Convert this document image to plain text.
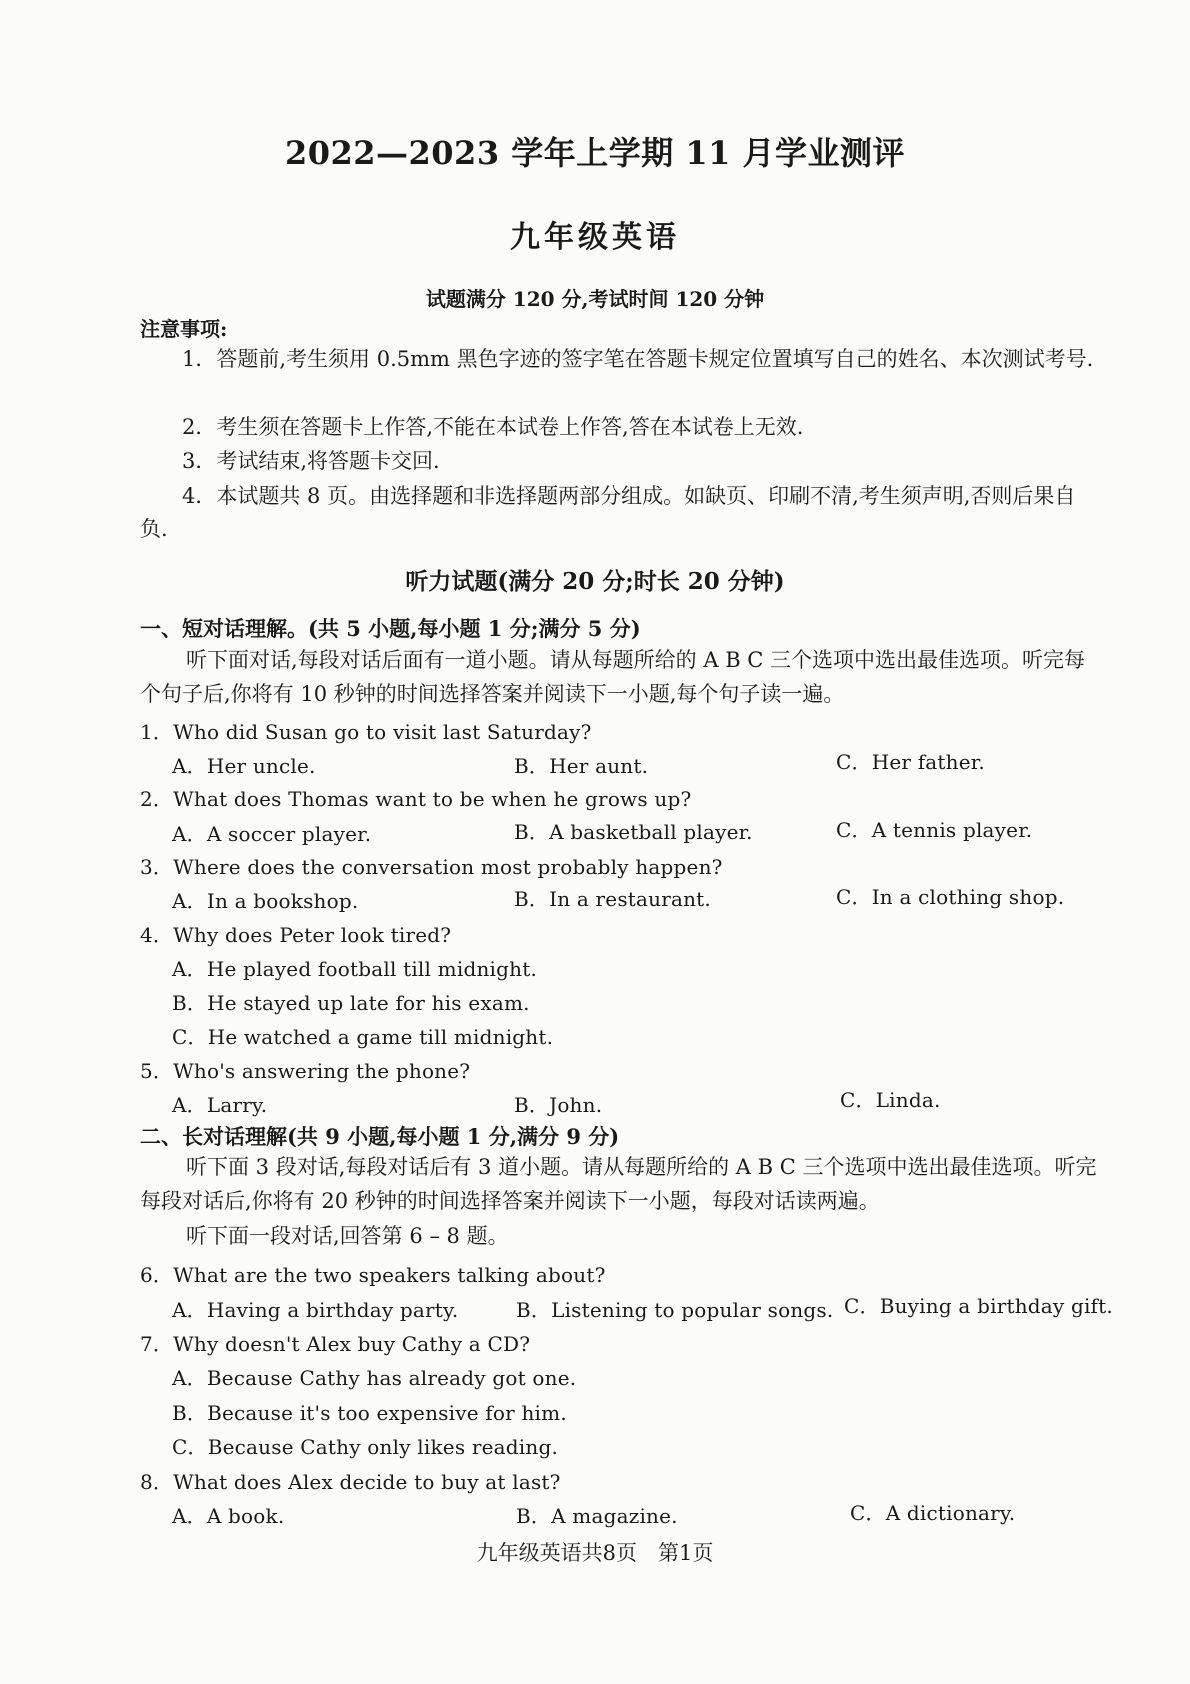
2022—2023 学年上学期 11 月学业测评
九年级英语
试题满分 120 分,考试时间 120 分钟
注意事项:
1．答题前,考生须用 0.5mm 黑色字迹的签字笔在答题卡规定位置填写自己的姓名、本次测试考号.
2．考生须在答题卡上作答,不能在本试卷上作答,答在本试卷上无效.
3．考试结束,将答题卡交回.
4．本试题共 8 页。由选择题和非选择题两部分组成。如缺页、印刷不清,考生须声明,否则后果自负.
听力试题(满分 20 分;时长 20 分钟)
一、短对话理解。(共 5 小题,每小题 1 分;满分 5 分)
听下面对话,每段对话后面有一道小题。请从每题所给的 A B C 三个选项中选出最佳选项。听完每个句子后,你将有 10 秒钟的时间选择答案并阅读下一小题,每个句子读一遍。
1．Who did Susan go to visit last Saturday?
A．Her uncle.	B．Her aunt.	C．Her father.
2．What does Thomas want to be when he grows up?
A．A soccer player.	B．A basketball player.	C．A tennis player.
3．Where does the conversation most probably happen?
A．In a bookshop.	B．In a restaurant.	C．In a clothing shop.
4．Why does Peter look tired?
A．He played football till midnight.
B．He stayed up late for his exam.
C．He watched a game till midnight.
5．Who's answering the phone?
A．Larry.	B．John.	C．Linda.
二、长对话理解(共 9 小题,每小题 1 分,满分 9 分)
听下面 3 段对话,每段对话后有 3 道小题。请从每题所给的 A B C 三个选项中选出最佳选项。听完每段对话后,你将有 20 秒钟的时间选择答案并阅读下一小题，每段对话读两遍。
听下面一段对话,回答第 6 – 8 题。
6．What are the two speakers talking about?
A．Having a birthday party.	B．Listening to popular songs. C．Buying a birthday gift.
7．Why doesn't Alex buy Cathy a CD?
A．Because Cathy has already got one.
B．Because it's too expensive for him.
C．Because Cathy only likes reading.
8．What does Alex decide to buy at last?
A．A book.	B．A magazine.	C．A dictionary.
九年级英语共8页　第1页
